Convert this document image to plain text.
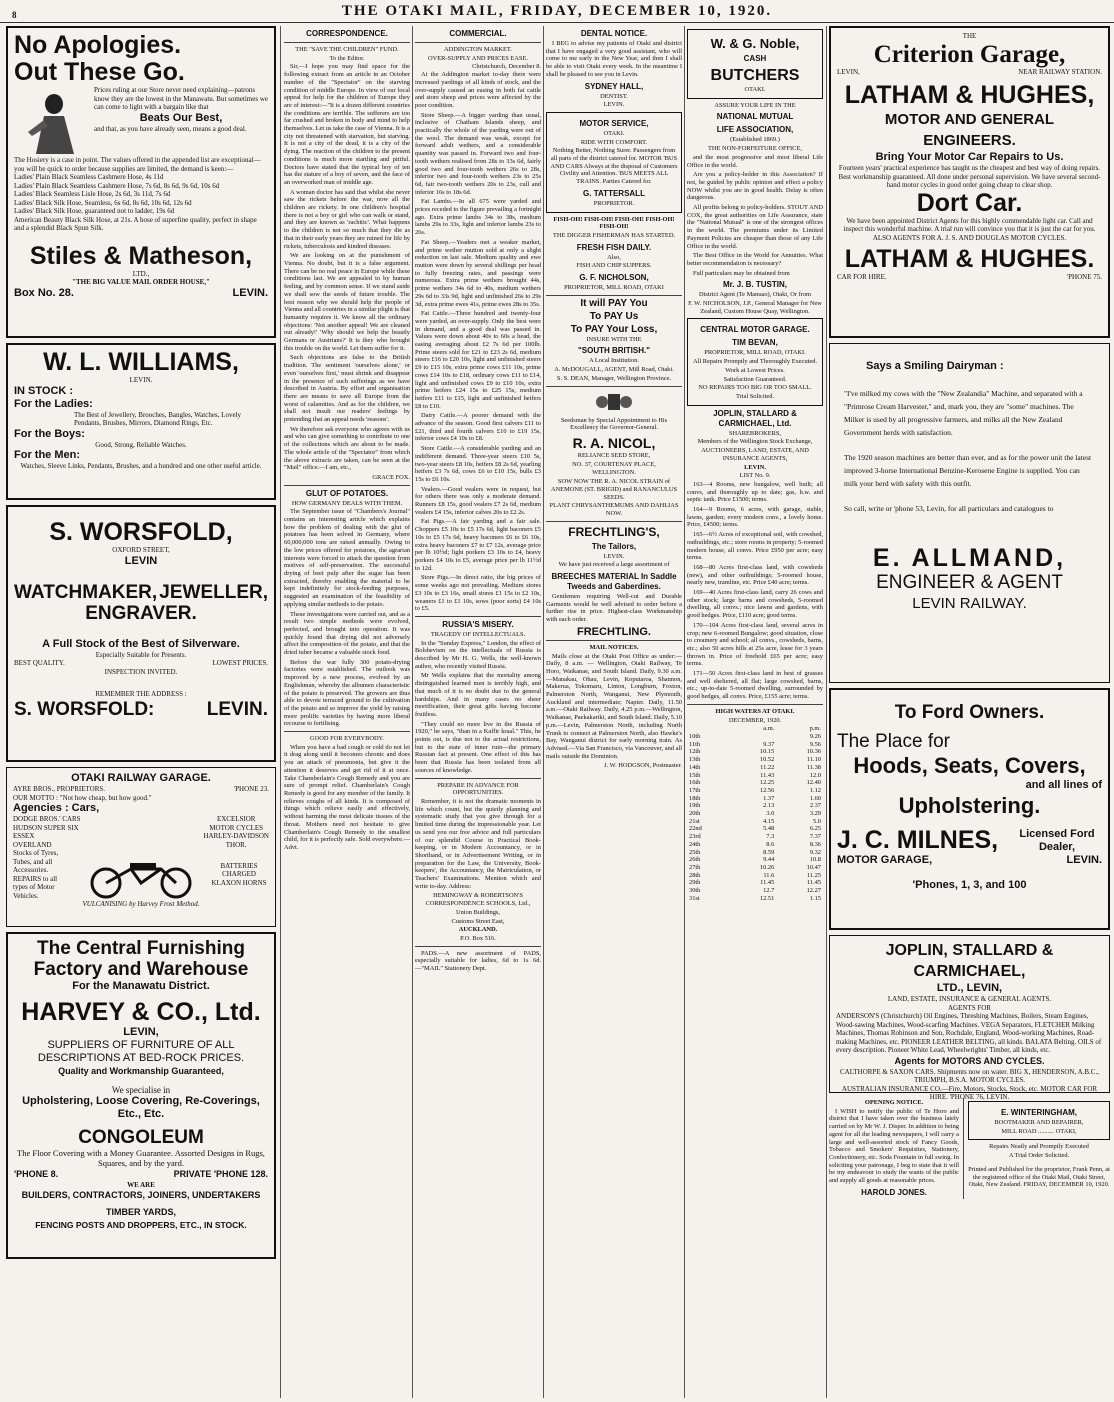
8	THE OTAKI MAIL, FRIDAY, DECEMBER 10, 1920.
No Apologies.
Out These Go.
Prices ruling at our Store never need explaining—patrons know they are the lowest in the Manawatu. But sometimes we can come to light with a bargain like that
Beats Our Best,
and that, as you have already seen, means a good deal.
The Hosiery is a case in point. The values offered in the appended list are exceptional—you will be quick to order because supplies are limited, the demand is keen:—
Ladies' Plain Black Seamless Cashmere Hose, 4s 11d
Ladies' Plain Black Seamless Cashmere Hose, 7s 6d, 8s 6d, 9s 6d, 10s 6d
Ladies' Black Seamless Lisle Hose, 2s 6d, 3s 11d, 7s 6d
Ladies' Black Silk Hose, Seamless, 6s 6d, 8s 6d, 10s 6d, 12s 6d
Ladies' Black Silk Hose, guaranteed not to ladder, 19s 6d
American Beauty Black Silk Hose, at 21s. A hose of superfine quality, perfect in shape and a splendid Black Spun Silk.
Stiles & Matheson,
LTD.,
"THE BIG VALUE MAIL ORDER HOUSE,"
Box No. 28.	LEVIN.
W. L. WILLIAMS,
LEVIN.
IN STOCK :
For the Ladies:
The Best of Jewellery, Brooches, Bangles, Watches, Lovely Pendants, Brushes, Mirrors, Diamond Rings, Etc.
For the Boys:
Good, Strong, Reliable Watches.
For the Men:
Watches, Sleeve Links, Pendants, Brushes, and a hundred and one other useful article.
S. WORSFOLD,
OXFORD STREET,
LEVIN
WATCHMAKER, JEWELLER,
ENGRAVER.
A Full Stock of the Best of Silverware.
Especially Suitable for Presents.
BEST QUALITY.	LOWEST PRICES.
INSPECTION INVITED.
REMEMBER THE ADDRESS :
S. WORSFOLD:	LEVIN.
OTAKI RAILWAY GARAGE.
AYRE BROS., PROPRIETORS.	'PHONE 23.
OUR MOTTO : "Not how cheap, but how good."
Agencies : Cars,
DODGE BROS.' CARS
HUDSON SUPER SIX
ESSEX
OVERLAND
EXCELSIOR
MOTOR CYCLES
HARLEY-DAVIDSON
THOR.
Stocks of Tyres, Tubes, and all Accessories.
REPAIRS to all types of Motor Vehicles.
BATTERIES CHARGED
KLAXON HORNS
VULCANISING by Harvey Frost Method.
The Central Furnishing
Factory and Warehouse
For the Manawatu District.
HARVEY & CO., Ltd.
LEVIN,
SUPPLIERS OF FURNITURE OF ALL DESCRIPTIONS AT BED-ROCK PRICES.
Quality and Workmanship Guaranteed,
We specialise in
Upholstering, Loose Covering, Re-Coverings, Etc., Etc.
CONGOLEUM
The Floor Covering with a Money Guarantee. Assorted Designs in Rugs, Squares, and by the yard.
'PHONE 8.	PRIVATE 'PHONE 128.
WE ARE
BUILDERS, CONTRACTORS, JOINERS, UNDERTAKERS
TIMBER YARDS,
FENCING POSTS AND DROPPERS, ETC., IN STOCK.
CORRESPONDENCE.
THE "SAVE THE CHILDREN" FUND.
To the Editor.

Sir,—I hope you may find space for the following extract from an article in an October number of the "Spectator" on the starving condition of middle Europe. In view of our local appeal for help for the children of Europe they are of interest:—"It is a dozen different countries the conditions are terrible. The sufferers are too far crushed and broken in body and mind to help themselves. Let us take the case of Vienna. It is a city not threatened with starvation, but starving. It is not a city of the dead, it is a city of the dying. The reaction of the children to the present conditions is much more startling and pitiful. Doctors have stated that the typical boy of ten has the stature of a boy of seven, and the face of an overworked man of middle age.

A woman doctor has said that whilst she never saw the rickets before the war, now all the children are rickety. In one children's hospital there is not a boy or girl who can walk or stand, and they are known as 'rachitic'. What happens to the children is not so much that they die as that in their early years they are ruined for life by rickets, tuberculosis and kindred diseases.

We are looking on at the punishment of Vienna. No doubt, but it is a false argument. There can be no real peace in Europe while these conditions last. We are appealed to by human feeling, and by common sense. If we stand aside we shall sow the seeds of future trouble. The best reason why we should help the people of Vienna and all countries in a similar plight is that humanity requires it. We know all the ordinary objections: 'Not another appeal! We are cleaned out already!' 'Why should we help the beastly Germans or Austrians?' It is they who brought this trouble on the world. Let them suffer for it.

Such objections are false to the British tradition. The sentiment 'ourselves alone,' or even 'ourselves first,' must shrink and disappear in the presence of such sufferings as we have described in Austria. By effort and organisation there are means to save all Europe from the worst of calamities. And as for the children, we shall not insult our readers' feelings by pretending that an appeal needs 'reasons'.

We therefore ask everyone who agrees with us and who can give something to contribute to one of the collections which are about to be made. The whole article of the "Spectator" from which the above extracts are taken, can be seen at the "Mail" office.—I am, etc.,

GRACE FOX.
GLUT OF POTATOES.
HOW GERMANY DEALS WITH THEM.

The September issue of "Chambers's Journal" contains an interesting article which explains how the problem of dealing with the glut of potatoes has been solved in Germany, where 60,000,000 tons are raised annually. Owing to the low prices offered for potatoes, the agrarian interests were forced to attack the question from motives of self-preservation. The successful drying of beet pulp after the sugar has been extracted, thereby enabling the material to be kept indefinitely for stock-feeding purposes, suggested an examination of the feasibility of applying similar methods to the potato.

These investigations were carried out, and as a result two simple methods were evolved, perfected, and brought into operation. It was quickly found that drying did not adversely affect the composition of the potato, and that the dried tuber became a valuable stock food.

Before the war fully 300 potato-drying factories were established. The outlook was improved by a new process, evolved by an Englishman, whereby the albumen characteristic of the potato is preserved. The growers are thus able to devote terraced ground to the cultivation of the potato and so improve the yield by raising more prolific varieties by having more liberal recourse to fertilising.

GOOD FOR EVERYBODY.

When you have a bad cough or cold do not let it drag along until it becomes chronic and does you an attack of pneumonia, but give it the attention it deserves and get rid of it at once. Take Chamberlain's Cough Remedy and you are sure of prompt relief. Chamberlain's Cough Remedy is good for any member of the family. It relieves coughs of all kinds. It is composed of things which relieve easily and effectively, without harming the most delicate tissues of the throat. Mothers need not hesitate to give Chamberlain's Cough Remedy to the smallest child, for it is perfectly safe. Sold everywhere.—Advt.

COMMERCIAL.
ADDINGTON MARKET.
OVER-SUPPLY AND PRICES EASE.
Christchurch, December 8.

At the Addington market to-day there were increased yardings of all kinds of stock, and the over-supply caused an easing in both fat cattle and store sheep and prices were affected by the poor condition.

Store Sheep.—A bigger yarding than usual, inclusive of Chatham Islands sheep, and practically the whole of the yarding were out of the wool. The demand was weak, except for forward adult wethers, and a considerable quantity was passed in. Forward two and four-tooth wethers realised from 28s to 33s 6d, fairly good two and four-tooth wethers 26s to 28s, inferior two and four-tooth wethers 23s to 25s 6d, fair two-tooth wethers 20s to 23s, cull and inferior 16s to 18s 6d.

Fat Lambs.—In all 675 were yarded and prices receded to the figure prevailing a fortnight ago. Extra prime lambs 34s to 38s, medium lambs 29s to 33s, light and inferior lambs 23s to 26s.

Fat Sheep.—Yeaders met a weaker market, and prime wether mutton sold at only a slight reduction on last sale. Medium quality and ewe mutton were down by several shillings per head to fully freezing rates, and passings were numerous. Extra prime wethers brought 44s, prime wethers 34s 6d to 40s, medium wethers 29s 6d to 33s 9d, light and unfinished 26s to 29s 3d, extra prime ewes 41s, prime ewes 28s to 35s.

Fat Cattle.—Three hundred and twenty-four were yarded, an over-supply. Only the best were in demand, and a good deal was passed in. Values were down about 40s to 60s a head, the easing averaging about £2 7s 6d per 100lb. Prime steers sold for £21 to £23 2s 6d, medium steers £16 to £20 10s, light and unfinished steers £9 to £15 10s, extra prime cows £11 10s, prime cows £14 10s to £18, ordinary cows £11 to £14, light and unfinished cows £9 to £10 10s, extra prime heifers £24 15s to £25 15s, medium heifers £11 to £15, light and unfinished heifers £8 to £10.

Dairy Cattle.—A poorer demand with the advance of the season. Good first calvers £11 to £21, third and fourth calvers £10 to £19 15s, inferior cows £4 10s to £8.

Store Cattle.—A considerable yarding and an indifferent demand. Three-year steers £10 5s, two-year steers £8 10s, heifers £8 2s 6d, yearling heifers £3 7s 6d, cows £6 to £10 15s, bulls £3 15s to £6 10s.

Vealers.—Good vealers were in request, but for others there was only a moderate demand. Runners £8 15s, good vealers £7 2s 6d, medium vealers £4 15s, inferior calves 20s to £2 2s.

Fat Pigs.—A fair yarding and a fair sale. Choppers £5 10s to £5 17s 6d, light baconers £5 10s to £5 17s 6d, heavy baconers £6 to £6 10s, extra heavy baconers £7 to £7 12s, average price per lb 10½d; light porkers £3 10s to £4, heavy porkers £4 10s to £5, average price per lb 11½d to 12d.

Store Pigs.—In direct ratio, the big prices of some weeks ago not prevailing. Medium stores £3 10s to £3 16s, small stores £1 15s to £2 10s, weaners £1 to £1 10s, sows (poor sorts) £4 10s to £5.

RUSSIA'S MISERY.
TRAGEDY OF INTELLECTUALS.

In the "Sunday Express," London, the effect of Bolshevism on the intellectuals of Russia is described by Mr H. G. Wells, the well-known author, who recently visited Russia.

Mr Wells explains that the mortality among distinguished learned men is terribly high, and that much of it is no doubt due to the general hardships. And in many cases no sheer mortification, their great gifts having become fruitless.

"They could no more live in the Russia of 1920," he says, "than in a Kaffir kraal." This, he points out, is due not to the actual restrictions, but to the state of inner ruin—the primary Russian fact at present. One effect of this has been that Russia has been isolated from all sources of knowledge.

PREPARE IN ADVANCE FOR OPPORTUNITIES.

Remember, it is not the dramatic moments in life which count, but the quietly planning and systematic study that you give through for a limited time during the impressionable year. Let us send you our free advice and full particulars of our splendid Course in Practical Book-keeping, or in Modern Accountancy, or in Shorthand, or in Advertisement Writing, or in preparation for the Law, the University, Book-keepers', the Accountancy, the Matriculation, or Teachers' Examinations. Mention which and write to-day. Address:

HEMINGWAY & ROBERTSON'S CORRESPONDENCE SCHOOLS, Ltd.,
Union Buildings,
Customs Street East,
AUCKLAND.
P.O. Box 516.

PADS.—A new assortment of PADS, especially suitable for ladies, 6d to 1s 6d.—"MAIL" Stationery Dept.

DENTAL NOTICE.

I BEG to advise my patients of Otaki and district that I have engaged a very good assistant, who will come to me early in the New Year, and then I shall be able to visit Otaki every week. In the meantime I shall be pleased to see you in Levin.

SYDNEY HALL,
DENTIST.
LEVIN.
MOTOR SERVICE,
OTAKI.
RIDE WITH COMFORT.
Nothing Better, Nothing Surer. Passengers from all parts of the district catered for. MOTOR 'BUS AND CARS Always at the disposal of Customers Civility and Attention. 'BUS MEETS ALL TRAINS. Parties Catered for.
G. TATTERSALL
PROPRIETOR.
FISH-OH! FISH-OH! FISH-OH! FISH-OH! FISH-OH!
THE DIGGER FISHERMAN HAS STARTED.
FRESH FISH DAILY.
Also,
FISH AND CHIP SUPPERS.
G. F. NICHOLSON,
PROPRIETOR, MILL ROAD, OTAKI
It will PAY You
To PAY Us
To PAY Your Loss,
INSURE WITH THE
"SOUTH BRITISH."
A Local Institution.
A. McDOUGALL, AGENT, Mill Road, Otaki.
S. S. DEAN, Manager, Wellington Province.
Seedsman by Special Appointment to His Excellency the Governor-General.
R. A. NICOL,
RELIANCE SEED STORE,
NO. 37, COURTENAY PLACE,
WELLINGTON.
SOW NOW THE R. A. NICOL STRAIN of ANEMONE (ST. BRIGID) and RANANCULUS SEEDS.
PLANT CHRYSANTHEMUMS AND DAHLIAS NOW.
FRECHTLING'S,
The Tailors,
LEVIN.
We have just received a large assortment of
BREECHES MATERIAL In Saddle Tweeds and Gaberdines.

Gentlemen requiring Well-cut and Durable Garments would be well advised to order before a further rise in price. Highest-class Workmanship with each order.

FRECHTLING.
MAIL NOTICES.

Mails close at the Otaki Post Office as under:— Daily, 8 a.m. — Wellington, Otaki Railway, Te Horo, Waikanae, and South Island. Daily, 9.30 a.m.—Manakau, Ohau, Levin, Koputaroa, Shannon, Makerua, Tokomaru, Linton, Longburn, Foxton, Palmerston North, Wanganui, New Plymouth, Auckland and intermediate; Napier. Daily, 11.50 a.m.—Otaki Railway. Daily, 4.25 p.m.—Wellington, Waikanae, Paekakariki, and South Island. Daily, 5.10 p.m.—Levin, Palmerston North, including North Trunk to connect at Palmerston North, also Hawke's Bay, Wanganui district for early morning train. As Advised.—Via San Francisco, via Vancouver, and all mails outside the Dominion.

J. W. HODGSON, Postmaster.
W. & G. Noble,
CASH
BUTCHERS
OTAKI.
ASSURE YOUR LIFE IN THE
NATIONAL MUTUAL
LIFE ASSOCIATION,
(Established 1869.)
THE NON-FORFEITURE OFFICE,

and the most progressive and most liberal Life Office in the world.

Are you a policy-holder in this Association? If not, be guided by public opinion and effect a policy NOW whilst you are in good health. Delay is often dangerous.

All profits belong to policy-holders. STOUT AND COX, the great authorities on Life Assurance, state the "National Mutual" is one of the strongest offices in the world. The premiums under its Limited Payment Policies are cheaper than those of any Life Office in the world.

The Best Office in the World for Annuities. What better recommendation is necessary?

Full particulars may be obtained from

Mr. J. B. TUSTIN,
District Agent (Te Manuao), Otaki, Or from
F. W. NICHOLSON, J.P., General Manager for New Zealand, Custom House Quay, Wellington.
CENTRAL MOTOR GARAGE.
TIM BEVAN,
PROPRIETOR, MILL ROAD, OTAKI.
All Repairs Promptly and Thoroughly Executed.
Work at Lowest Prices.
Satisfaction Guaranteed.
NO REPAIRS TOO BIG OR TOO SMALL.
Trial Solicited.
JOPLIN, STALLARD & CARMICHAEL, Ltd.
SHAREBROKERS,
Members of the Wellington Stock Exchange,
AUCTIONEERS, LAND, ESTATE, AND INSURANCE AGENTS,
LEVIN.
LIST No. 9.

163—4 Rooms, new bungalow, well built; all convs, and thoroughly up to date; gas, h.w. and septic tank. Price £1500; terms.

164—9 Rooms, 6 acres, with garage, stable, lawns, garden; every modern conv., a lovely home. Price, £4500; terms.

165—6½ Acres of exceptional soil, with cowshed, outbuildings, etc.; store rooms in property; 5-roomed modern house, all convs. Price £950 per acre; easy terms.

168—80 Acres first-class land, with cowsheds (new), and other outbuildings; 5-roomed house, nearly new, tramline, etc. Price £40 acre; terms.

169—40 Acres first-class land, carry 26 cows and other stock; large barns and cowsheds, 5-roomed dwelling, all convs.; nice lawns and gardens, with good hedges. Price, £110 acre; good terms.

170—104 Acres first-class land, several acres in crop; new 6-roomed Bungalow; good situation, close to creamery and school; all convs., cowsheds, barns, etc.; also 50 acres hills at 25s acre, lease for 3 years thrown in. Price of freehold £65 per acre; easy terms.

171—50 Acres first-class land in best of grasses and well sheltered, all flat; large cowshed, barns, etc.; up-to-date 5-roomed dwelling, surrounded by good hedges, all convs. Price, £155 acre; terms.

HIGH WATERS AT OTAKI.
DECEMBER, 1920.
	a.m.	p.m.
10th		9.26
11th	9.37	9.56
12th	10.15	10.36
13th	10.52	11.10
14th	11.22	11.38
15th	11.43	12.0
16th	12.25	12.40
17th	12.56	1.12
18th	1.37	1.60
19th	2.13	2.37
20th	3.0	3.29
21st	4.15	5.0
22nd	5.48	6.25
23rd	7.3	7.37
24th	8.6	8.36
25th	8.59	9.32
26th	9.44	10.8
27th	10.26	10.47
28th	11.6	11.25
29th	11.45	11.45
30th	12.7	12.27
31st	12.51	1.15
THE
Criterion Garage,
LEVIN,	NEAR RAILWAY STATION.
LATHAM & HUGHES,
MOTOR AND GENERAL ENGINEERS.
Bring Your Motor Car Repairs to Us.
Fourteen years' practical experience has taught us the cheapest and best way of doing repairs.
Best workmanship guaranteed. All done under personal supervision. We have several second-hand motor cycles in good order going cheap to clear shop.
Dort Car.
We have been appointed District Agents for this highly commendable light car. Call and inspect this wonderful machine. A trial run will convince you that it is just the car for you.
ALSO AGENTS FOR A. J. S. AND DOUGLAS MOTOR CYCLES.
LATHAM & HUGHES.
CAR FOR HIRE.	'PHONE 75.
Says a Smiling Dairyman :
"I've milked my cows with the "New Zealandia" Machine, and separated with a "Primrose Cream Harvester," and, mark you, they are "some" machines. The Milker is used by all progressive farmers, and milks all the New Zealand Government herds with satisfaction.
The 1920 season machines are better than ever, and as for the power unit the latest improved 3-horse International Benzine-Kerosene Engine is supplied. You can milk your herd with safety with this outfit.
So call, write or 'phone 53, Levin, for all particulars and catalogues to
E. ALLMAND,
ENGINEER & AGENT
LEVIN RAILWAY.
To Ford Owners.
The Place for
Hoods, Seats, Covers,
and all lines of
Upholstering.
J. C. MILNES,	Licensed Ford Dealer,
MOTOR GARAGE,	LEVIN.
'Phones, 1, 3, and 100
JOPLIN, STALLARD & CARMICHAEL,
LTD., LEVIN,
LAND, ESTATE, INSURANCE & GENERAL AGENTS.
AGENTS FOR
ANDERSON'S (Christchurch) Oil Engines, Threshing Machines, Boilers, Steam Engines, Wood-sawing Machines, Wood-scarfing Machines. VEGA Separators, FLETCHER Milking Machines, Thomas Robinson and Son, Rochdale, England, Wood-working Machines, Road-making Machines, etc. PIONEER LEATHER BELTING, all kinds. BALATA Belting. OILS of every description. Pioneer White Lead, Wheelwrights' Timber, all kinds, etc.
Agents for MOTORS AND CYCLES.
CALTHORPE & SAXON CARS. Shipments now on water. BIG X, HENDERSON, A.B.C., TRIUMPH, B.S.A. MOTOR CYCLES.
AUSTRALIAN INSURANCE CO.—Fire, Motors, Stocks, Stock, etc. MOTOR CAR FOR HIRE. 'PHONE 76, LEVIN.
OPENING NOTICE.

I WISH to notify the public of Te Horo and district that I have taken over the business lately carried on by Mr W. J. Disper. In addition to being agent for all the leading newspapers, I will carry a large and well-assorted stock of Fancy Goods, Tobacco and Smokers' Requisites, Stationery, Confectionery, etc. Soda Fountain in full swing. In soliciting your patronage, I beg to state that it will be my endeavour to study the wants of the public and supply all goods at reasonable prices.

HAROLD JONES.
E. WINTERINGHAM,
BOOTMAKER AND REPAIRER,
MILL ROAD .......... OTAKI,
Repairs Neatly and Promptly Executed
A Trial Order Solicited.
Printed and Published for the proprietor, Frank Penn, at the registered office of the Otaki Mail, Otaki Street, Otaki, New Zealand. FRIDAY, DECEMBER 10, 1920.
